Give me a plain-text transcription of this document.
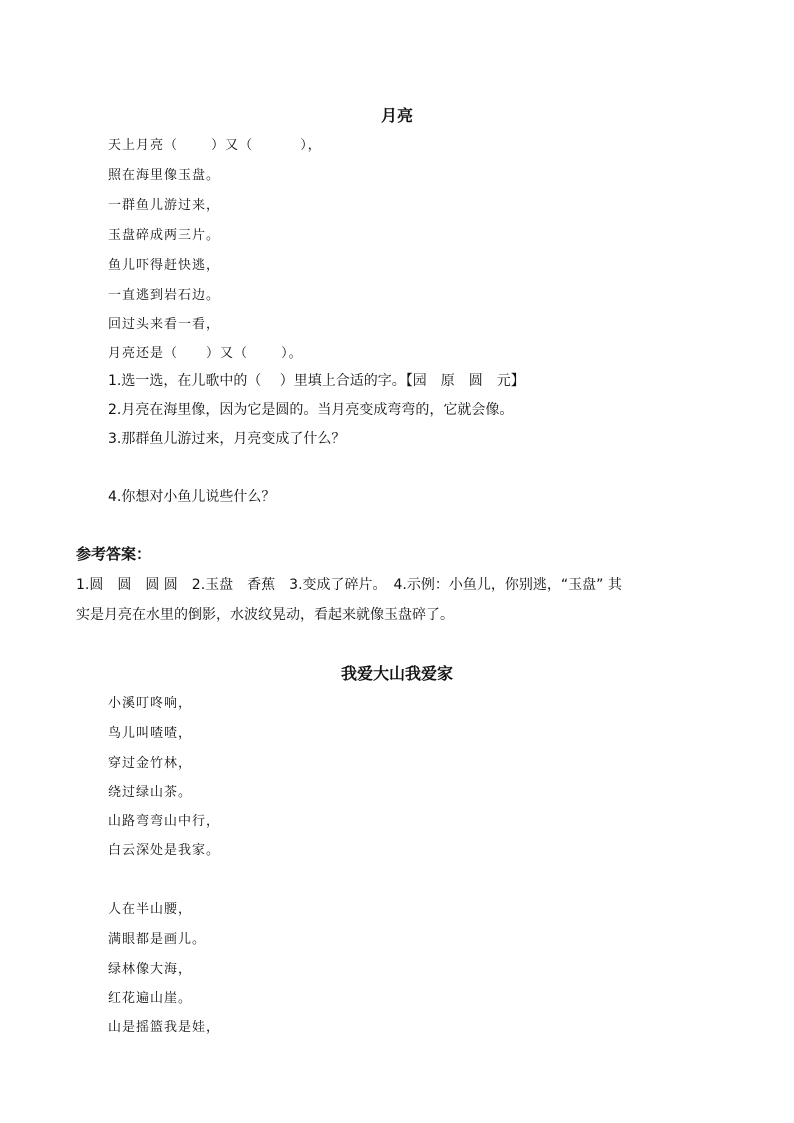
月亮
天上月亮（　　 ）又（　　　 ），
照在海里像玉盘。
一群鱼儿游过来，
玉盘碎成两三片。
鱼儿吓得赶快逃，
一直逃到岩石边。
回过头来看一看，
月亮还是（　　）又（　　 ）。
1.选一选，在儿歌中的（　 ）里填上合适的字。【园　原　圆　元】
2.月亮在海里像，因为它是圆的。当月亮变成弯弯的，它就会像。
3.那群鱼儿游过来，月亮变成了什么？
4.你想对小鱼儿说些什么？
参考答案：
1.圆　圆　圆 圆　2.玉盘　香蕉　3.变成了碎片。　4.示例：小鱼儿，你别逃，“玉盘” 其
实是月亮在水里的倒影，水波纹晃动，看起来就像玉盘碎了。
我爱大山我爱家
小溪叮咚响，
鸟儿叫喳喳，
穿过金竹林，
绕过绿山茶。
山路弯弯山中行，
白云深处是我家。
人在半山腰，
满眼都是画儿。
绿林像大海，
红花遍山崖。
山是摇篮我是娃，
